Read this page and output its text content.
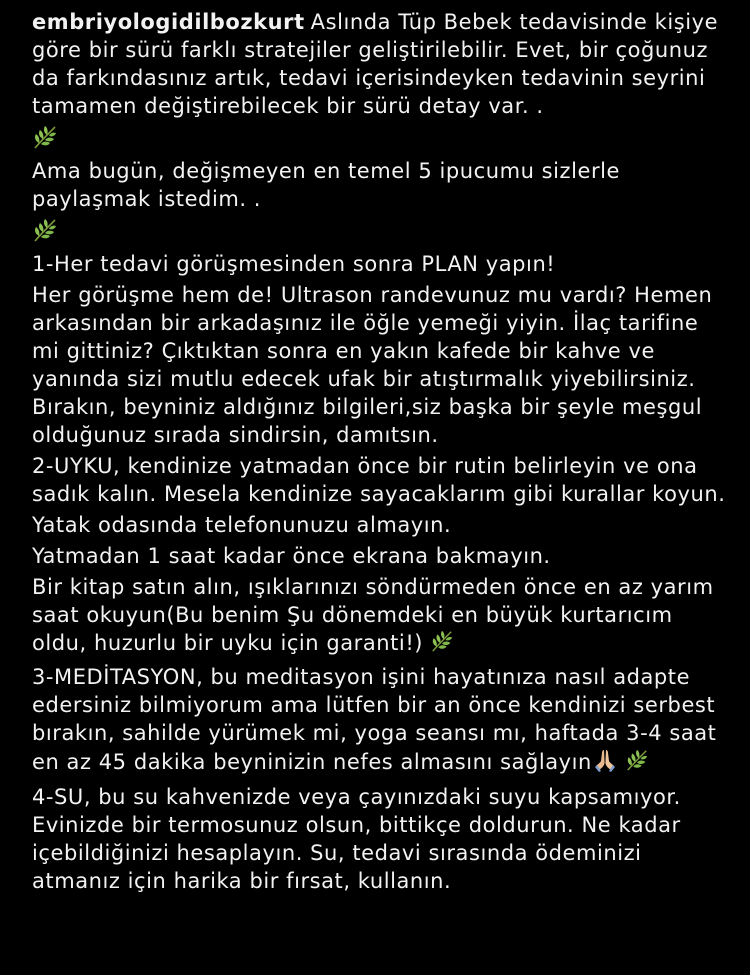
embriyologidilbozkurt Aslında Tüp Bebek tedavisinde kişiye göre bir sürü farklı stratejiler geliştirilebilir. Evet, bir çoğunuz da farkındasınız artık, tedavi içerisindeyken tedavinin seyrini tamamen değiştirebilecek bir sürü detay var. .

Ama bugün, değişmeyen en temel 5 ipucumu sizlerle paylaşmak istedim. .

1-Her tedavi görüşmesinden sonra PLAN yapın!

Her görüşme hem de! Ultrason randevunuz mu vardı? Hemen arkasından bir arkadaşınız ile öğle yemeği yiyin. İlaç tarifine mi gittiniz? Çıktıktan sonra en yakın kafede bir kahve ve yanında sizi mutlu edecek ufak bir atıştırmalık yiyebilirsiniz. Bırakın, beyniniz aldığınız bilgileri,siz başka bir şeyle meşgul olduğunuz sırada sindirsin, damıtsın.

2-UYKU, kendinize yatmadan önce bir rutin belirleyin ve ona sadık kalın. Mesela kendinize sayacaklarım gibi kurallar koyun.

Yatak odasında telefonunuzu almayın.

Yatmadan 1 saat kadar önce ekrana bakmayın.

Bir kitap satın alın, ışıklarınızı söndürmeden önce en az yarım saat okuyun(Bu benim Şu dönemdeki en büyük kurtarıcım oldu, huzurlu bir uyku için garanti!)

3-MEDİTASYON, bu meditasyon işini hayatınıza nasıl adapte edersiniz bilmiyorum ama lütfen bir an önce kendinizi serbest bırakın, sahilde yürümek mi, yoga seansı mı, haftada 3-4 saat en az 45 dakika beyninizin nefes almasını sağlayın

4-SU, bu su kahvenizde veya çayınızdaki suyu kapsamıyor. Evinizde bir termosunuz olsun, bittikçe doldurun. Ne kadar içebildiğinizi hesaplayın. Su, tedavi sırasında ödeminizi atmanız için harika bir fırsat, kullanın.
